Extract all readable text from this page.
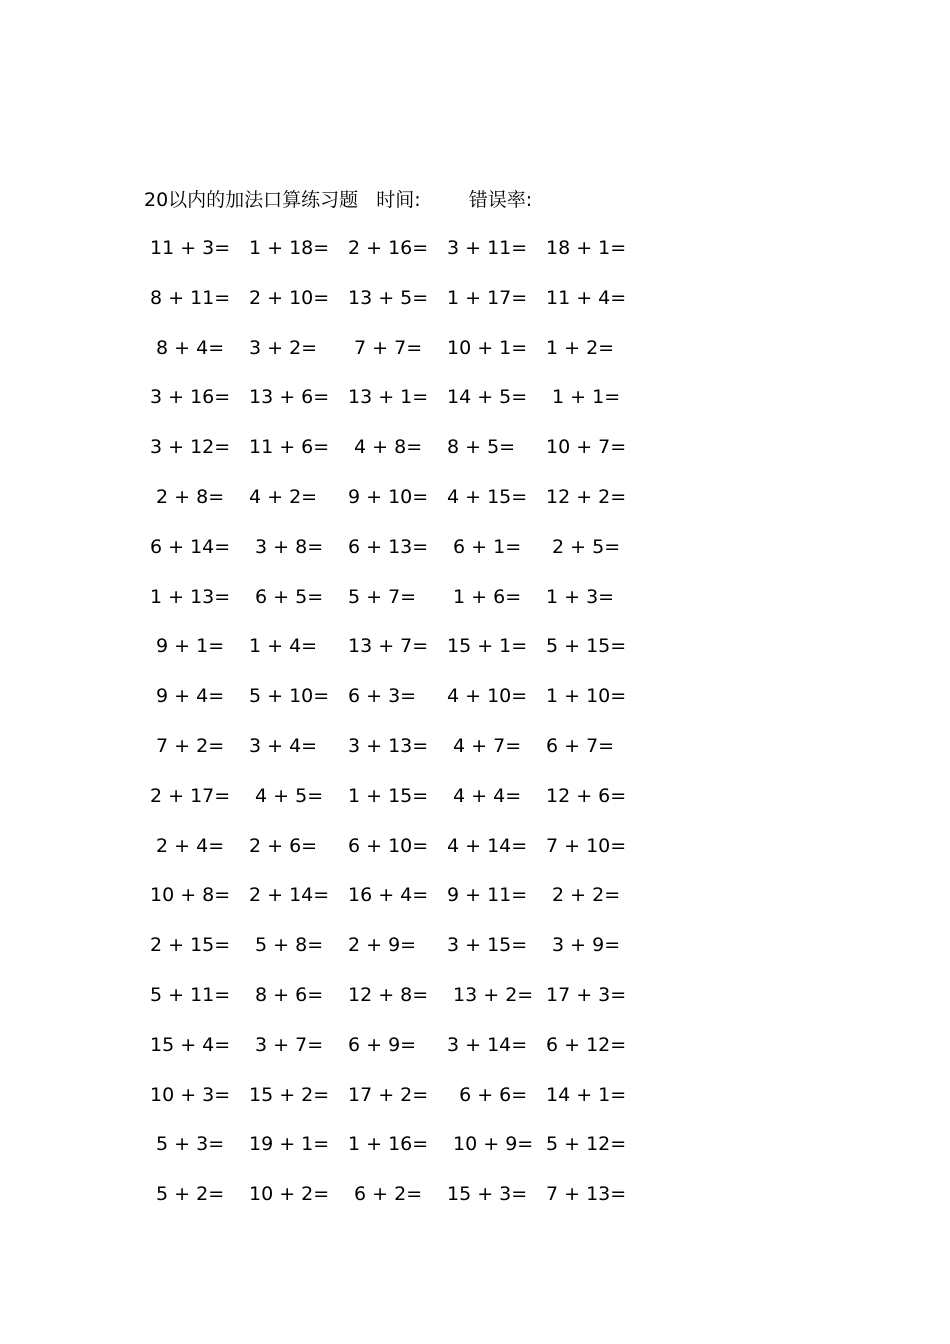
20以内的加法口算练习题 时间:	错误率:
11 + 3= 1 + 18= 2 + 16= 3 + 11= 18 + 1=
8 + 11= 2 + 10= 13 + 5= 1 + 17= 11 + 4=
8 + 4= 3 + 2= 7 + 7= 10 + 1= 1 + 2=
3 + 16= 13 + 6= 13 + 1= 14 + 5= 1 + 1=
3 + 12= 11 + 6= 4 + 8= 8 + 5= 10 + 7=
2 + 8= 4 + 2= 9 + 10= 4 + 15= 12 + 2=
6 + 14= 3 + 8= 6 + 13= 6 + 1= 2 + 5=
1 + 13= 6 + 5= 5 + 7= 1 + 6= 1 + 3=
9 + 1= 1 + 4= 13 + 7= 15 + 1= 5 + 15=
9 + 4= 5 + 10= 6 + 3= 4 + 10= 1 + 10=
7 + 2= 3 + 4= 3 + 13= 4 + 7= 6 + 7=
2 + 17= 4 + 5= 1 + 15= 4 + 4= 12 + 6=
2 + 4= 2 + 6= 6 + 10= 4 + 14= 7 + 10=
10 + 8= 2 + 14= 16 + 4= 9 + 11= 2 + 2=
2 + 15= 5 + 8= 2 + 9= 3 + 15= 3 + 9=
5 + 11= 8 + 6= 12 + 8= 13 + 2= 17 + 3=
15 + 4= 3 + 7= 6 + 9= 3 + 14= 6 + 12=
10 + 3= 15 + 2= 17 + 2= 6 + 6= 14 + 1=
5 + 3= 19 + 1= 1 + 16= 10 + 9= 5 + 12=
5 + 2= 10 + 2= 6 + 2= 15 + 3= 7 + 13=
